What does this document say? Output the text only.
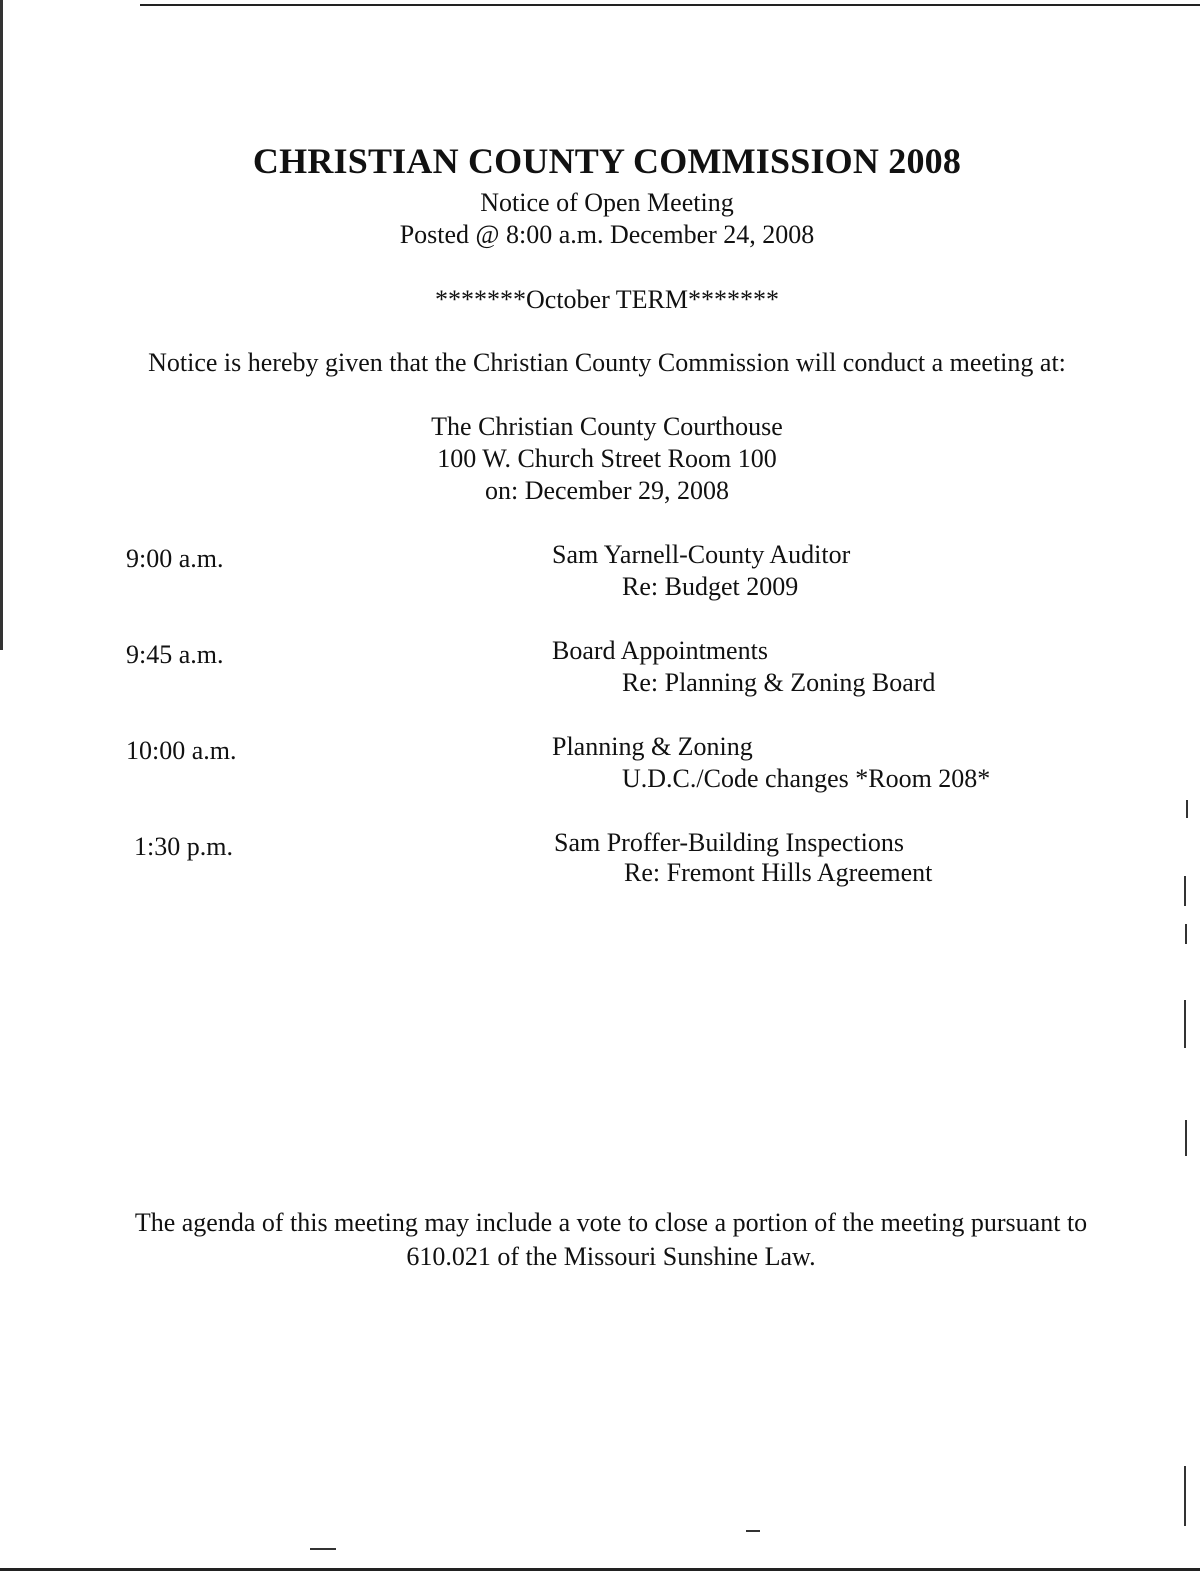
CHRISTIAN COUNTY COMMISSION 2008
Notice of Open Meeting
Posted @ 8:00 a.m. December 24, 2008
*******October TERM*******
Notice is hereby given that the Christian County Commission will conduct a meeting at:
The Christian County Courthouse
100 W. Church Street Room 100
on: December 29, 2008
9:00 a.m.	Sam Yarnell-County Auditor
Re: Budget 2009
9:45 a.m.	Board Appointments
Re: Planning & Zoning Board
10:00 a.m.	Planning & Zoning
U.D.C./Code changes *Room 208*
1:30 p.m.	Sam Proffer-Building Inspections
Re: Fremont Hills Agreement
The agenda of this meeting may include a vote to close a portion of the meeting pursuant to
610.021 of the Missouri Sunshine Law.
